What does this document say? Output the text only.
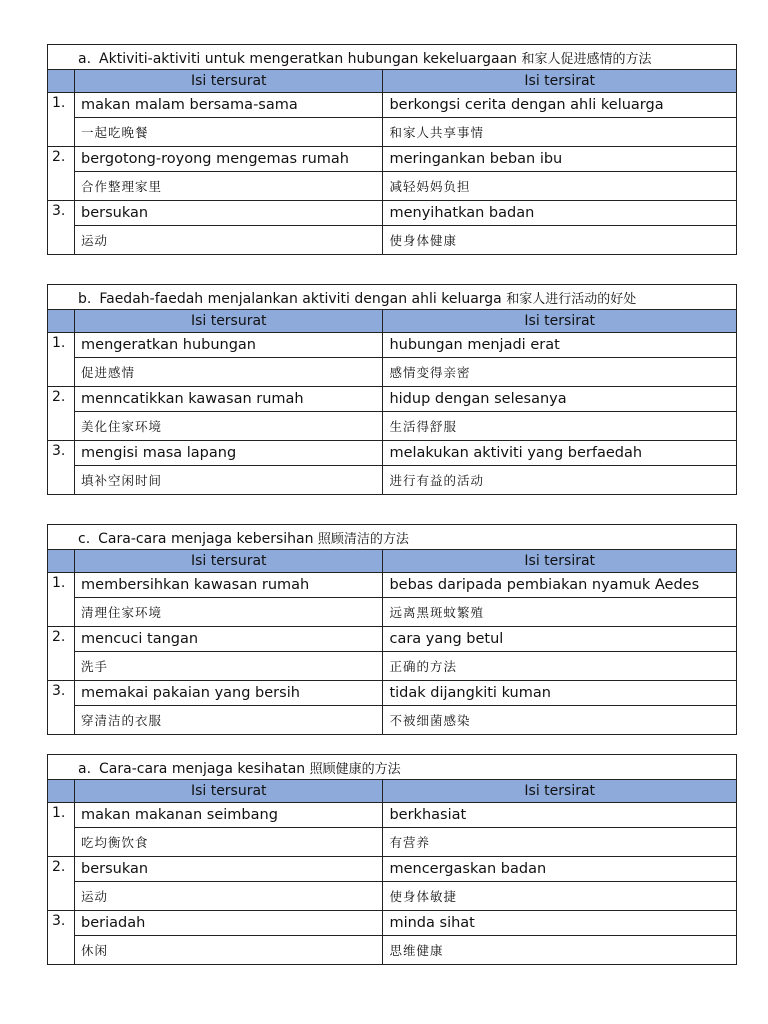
a. Aktiviti-aktiviti untuk mengeratkan hubungan kekeluargaan 和家人促进感情的方法		
	Isi tersurat	Isi tersirat
1.	makan malam bersama-sama	berkongsi cerita dengan ahli keluarga
	一起吃晚餐	和家人共享事情
2.	bergotong-royong mengemas rumah	meringankan beban ibu
	合作整理家里	减轻妈妈负担
3.	bersukan	menyihatkan badan
	运动	使身体健康
b. Faedah-faedah menjalankan aktiviti dengan ahli keluarga 和家人进行活动的好处		
	Isi tersurat	Isi tersirat
1.	mengeratkan hubungan	hubungan menjadi erat
	促进感情	感情变得亲密
2.	menncatikkan kawasan rumah	hidup dengan selesanya
	美化住家环境	生活得舒服
3.	mengisi masa lapang	melakukan aktiviti yang berfaedah
	填补空闲时间	进行有益的活动
c. Cara-cara menjaga kebersihan 照顾清洁的方法		
	Isi tersurat	Isi tersirat
1.	membersihkan kawasan rumah	bebas daripada pembiakan nyamuk Aedes
	清理住家环境	远离黑斑蚊繁殖
2.	mencuci tangan	cara yang betul
	洗手	正确的方法
3.	memakai pakaian yang bersih	tidak dijangkiti kuman
	穿清洁的衣服	不被细菌感染
a. Cara-cara menjaga kesihatan 照顾健康的方法		
	Isi tersurat	Isi tersirat
1.	makan makanan seimbang	berkhasiat
	吃均衡饮食	有营养
2.	bersukan	mencergaskan badan
	运动	使身体敏捷
3.	beriadah	minda sihat
	休闲	思维健康
